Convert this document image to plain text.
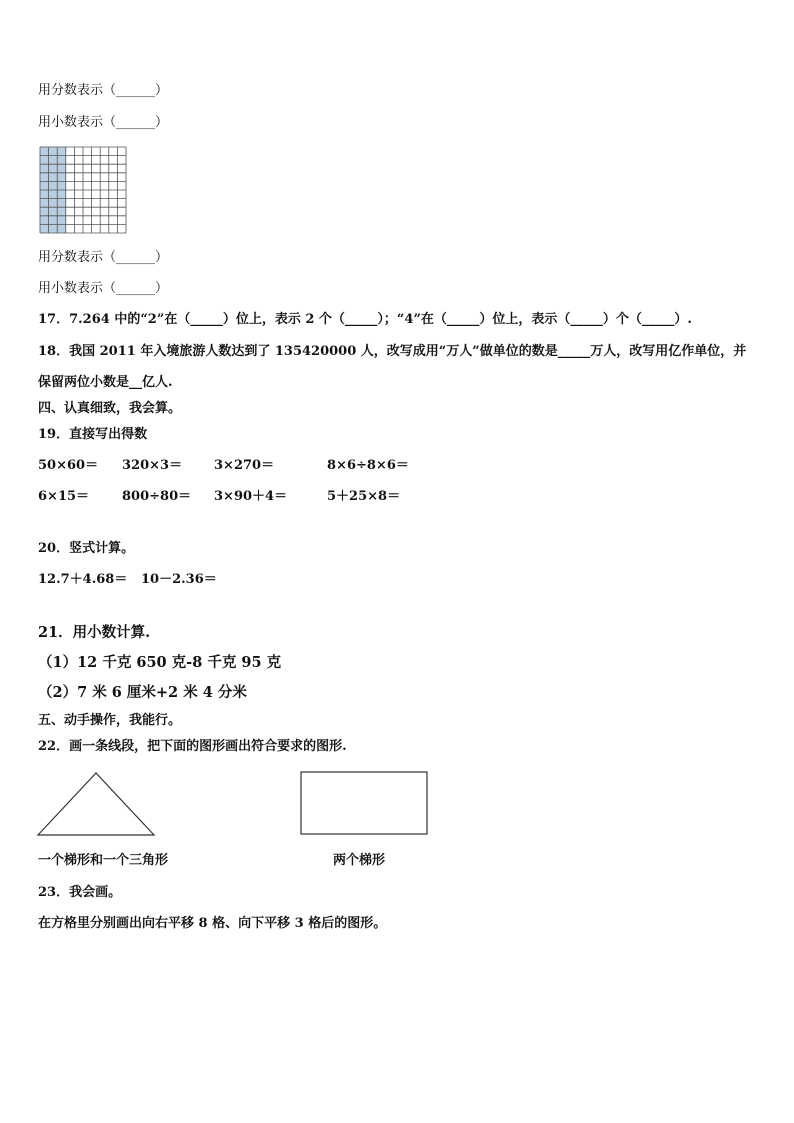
用分数表示（______）
用小数表示（______）
用分数表示（______）
用小数表示（______）
17．7.264 中的“2”在（_____）位上，表示 2 个（_____）；“4”在（_____）位上，表示（_____）个（_____）.
18．我国 2011 年入境旅游人数达到了 135420000 人，改写成用“万人”做单位的数是_____万人，改写用亿作单位，并
保留两位小数是__亿人.
四、认真细致，我会算。
19．直接写出得数
50×60＝ 320×3＝ 3×270＝	8×6÷8×6＝
6×15＝	800÷80＝ 3×90＋4＝	5＋25×8＝
20．竖式计算。
12.7＋4.68＝ 10－2.36＝
21．用小数计算.
（1）12 千克 650 克-8 千克 95 克
（2）7 米 6 厘米+2 米 4 分米
五、动手操作，我能行。
22．画一条线段，把下面的图形画出符合要求的图形.
一个梯形和一个三角形	两个梯形
23．我会画。
在方格里分别画出向右平移 8 格、向下平移 3 格后的图形。
